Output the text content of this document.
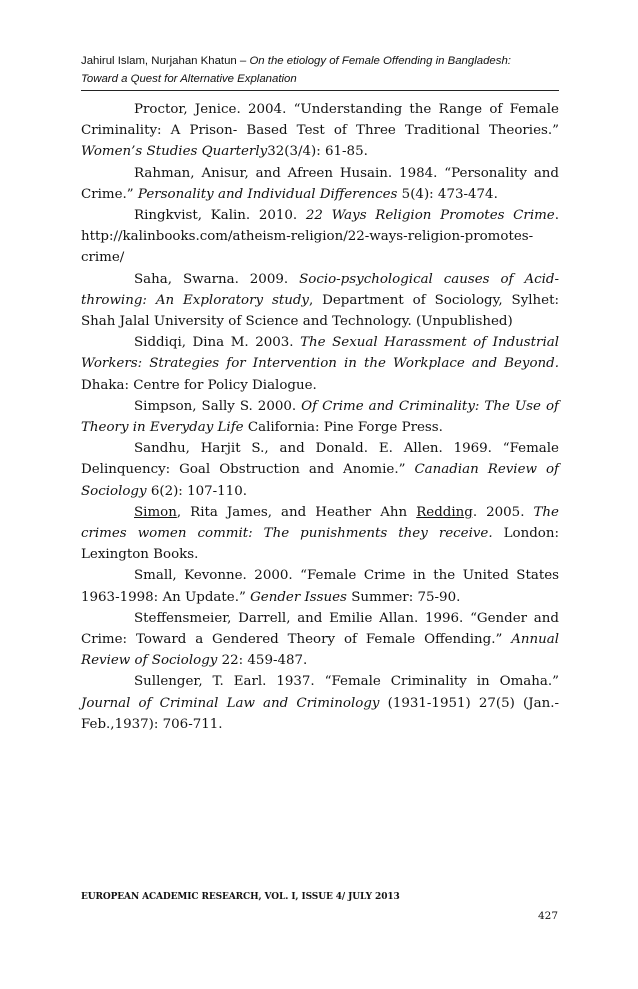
Jahirul Islam, Nurjahan Khatun – On the etiology of Female Offending in Bangladesh:
Toward a Quest for Alternative Explanation

Proctor, Jenice. 2004. “Understanding the Range of Female Criminality: A Prison- Based Test of Three Traditional Theories.” Women’s Studies Quarterly32(3/4): 61-85.

Rahman, Anisur, and Afreen Husain. 1984. “Personality and Crime.” Personality and Individual Differences 5(4): 473-474.

Ringkvist, Kalin. 2010. 22 Ways Religion Promotes Crime. http://kalinbooks.com/atheism-religion/22-ways-religion-promotes-crime/

Saha, Swarna. 2009. Socio-psychological causes of Acid-throwing: An Exploratory study, Department of Sociology, Sylhet: Shah Jalal University of Science and Technology. (Unpublished)

Siddiqi, Dina M. 2003. The Sexual Harassment of Industrial Workers: Strategies for Intervention in the Workplace and Beyond. Dhaka: Centre for Policy Dialogue.

Simpson, Sally S. 2000. Of Crime and Criminality: The Use of Theory in Everyday Life California: Pine Forge Press.

Sandhu, Harjit S., and Donald. E. Allen. 1969. “Female Delinquency: Goal Obstruction and Anomie.” Canadian Review of Sociology 6(2): 107-110.

Simon, Rita James, and Heather Ahn Redding. 2005. The crimes women commit: The punishments they receive. London: Lexington Books.

Small, Kevonne. 2000. “Female Crime in the United States 1963-1998: An Update.” Gender Issues Summer: 75-90.

Steffensmeier, Darrell, and Emilie Allan. 1996. “Gender and Crime: Toward a Gendered Theory of Female Offending.” Annual Review of Sociology 22: 459-487.

Sullenger, T. Earl. 1937. “Female Criminality in Omaha.” Journal of Criminal Law and Criminology (1931-1951) 27(5) (Jan.-Feb.,1937): 706-711.

EUROPEAN ACADEMIC RESEARCH, VOL. I, ISSUE 4/ JULY 2013
427
